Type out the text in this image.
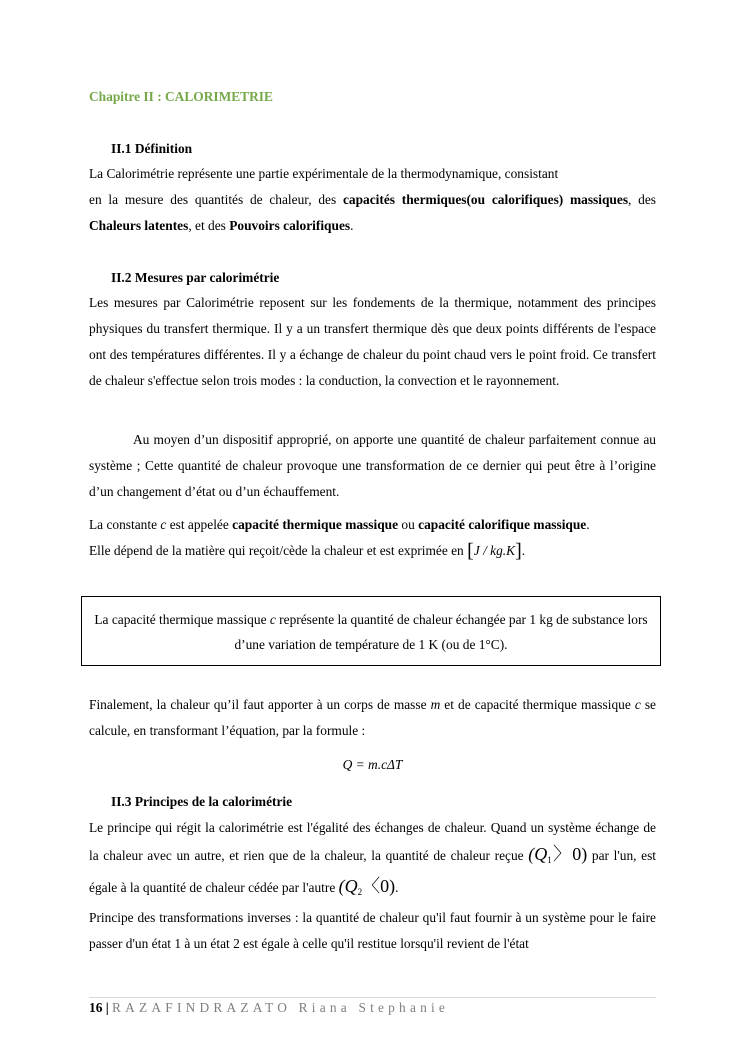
Chapitre II : CALORIMETRIE
II.1 Définition
La Calorimétrie représente une partie expérimentale de la thermodynamique, consistant
en la mesure des quantités de chaleur, des capacités thermiques(ou calorifiques) massiques, des Chaleurs latentes, et des Pouvoirs calorifiques.
II.2 Mesures par calorimétrie
Les mesures par Calorimétrie reposent sur les fondements de la thermique, notamment des principes physiques du transfert thermique. Il y a un transfert thermique dès que deux points différents de l'espace ont des températures différentes. Il y a échange de chaleur du point chaud vers le point froid. Ce transfert de chaleur s'effectue selon trois modes : la conduction, la convection et le rayonnement.
Au moyen d’un dispositif approprié, on apporte une quantité de chaleur parfaitement connue au système ; Cette quantité de chaleur provoque une transformation de ce dernier qui peut être à l’origine d’un changement d’état ou d’un échauffement.
La constante c est appelée capacité thermique massique ou capacité calorifique massique.
Elle dépend de la matière qui reçoit/cède la chaleur et est exprimée en [J / kg.K].
La capacité thermique massique c représente la quantité de chaleur échangée par 1 kg de substance lors d’une variation de température de 1 K (ou de 1°C).
Finalement, la chaleur qu’il faut apporter à un corps de masse m et de capacité thermique massique c se calcule, en transformant l’équation, par la formule :
Q = m.cΔT
II.3 Principes de la calorimétrie
Le principe qui régit la calorimétrie est l'égalité des échanges de chaleur. Quand un système échange de la chaleur avec un autre, et rien que de la chaleur, la quantité de chaleur reçue ($Q_1$〉0) par l'un, est égale à la quantité de chaleur cédée par l'autre ($Q_2$〈0).
Principe des transformations inverses : la quantité de chaleur qu'il faut fournir à un système pour le faire passer d'un état 1 à un état 2 est égale à celle qu'il restitue lorsqu'il revient de l'état
16 | RAZAFINDRAZATO Riana Stephanie
